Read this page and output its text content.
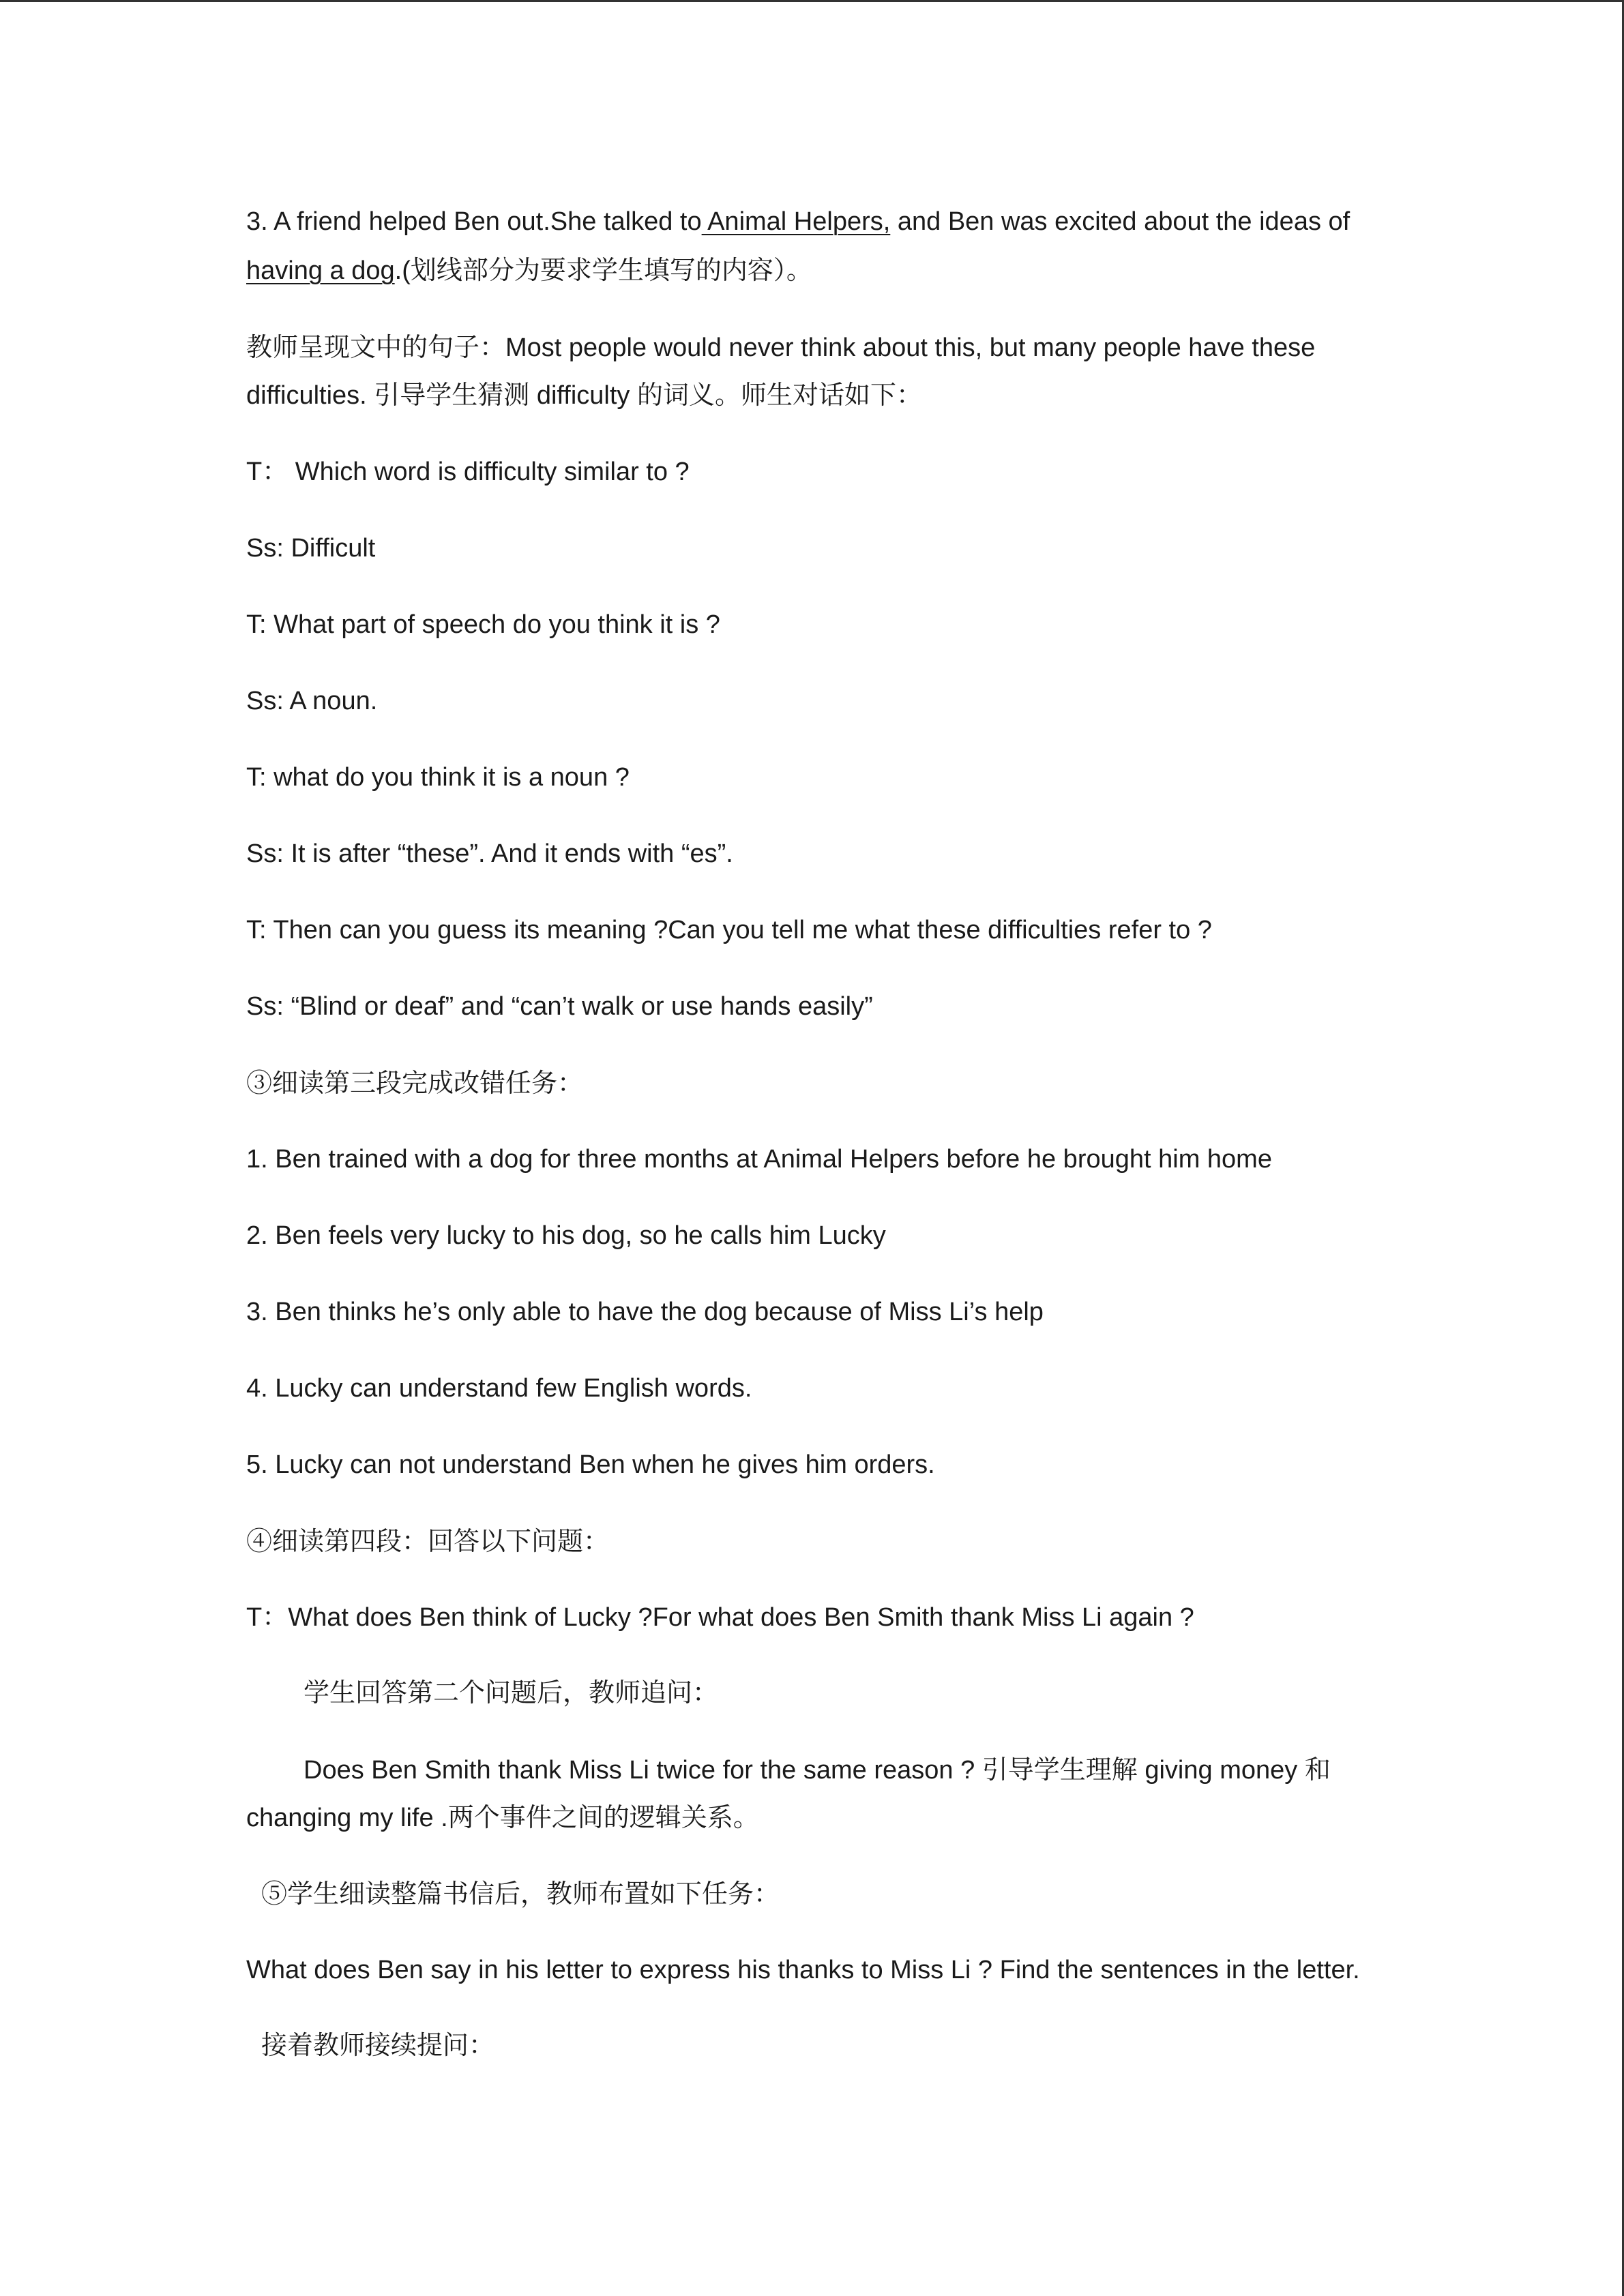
3. A friend helped Ben out.She talked to Animal Helpers, and Ben was excited about the ideas of
having a dog.(划线部分为要求学生填写的内容）。
教师呈现文中的句子：Most people would never think about this, but many people have these
difficulties. 引导学生猜测 difficulty 的词义。师生对话如下：
T： Which word is difficulty similar to ?
Ss: Difficult
T: What part of speech do you think it is ?
Ss: A noun.
T: what do you think it is a noun ?
Ss: It is after “these”. And it ends with “es”.
T: Then can you guess its meaning ?Can you tell me what these difficulties refer to ?
Ss: “Blind or deaf” and “can’t walk or use hands easily”
③细读第三段完成改错任务：
1. Ben trained with a dog for three months at Animal Helpers before he brought him home
2. Ben feels very lucky to his dog, so he calls him Lucky
3. Ben thinks he’s only able to have the dog because of Miss Li’s help
4. Lucky can understand few English words.
5. Lucky can not understand Ben when he gives him orders.
④细读第四段：回答以下问题：
T：What does Ben think of Lucky ?For what does Ben Smith thank Miss Li again ?
学生回答第二个问题后，教师追问：
Does Ben Smith thank Miss Li twice for the same reason ? 引导学生理解 giving money 和
changing my life .两个事件之间的逻辑关系。
⑤学生细读整篇书信后，教师布置如下任务：
What does Ben say in his letter to express his thanks to Miss Li ? Find the sentences in the letter.
接着教师接续提问：
